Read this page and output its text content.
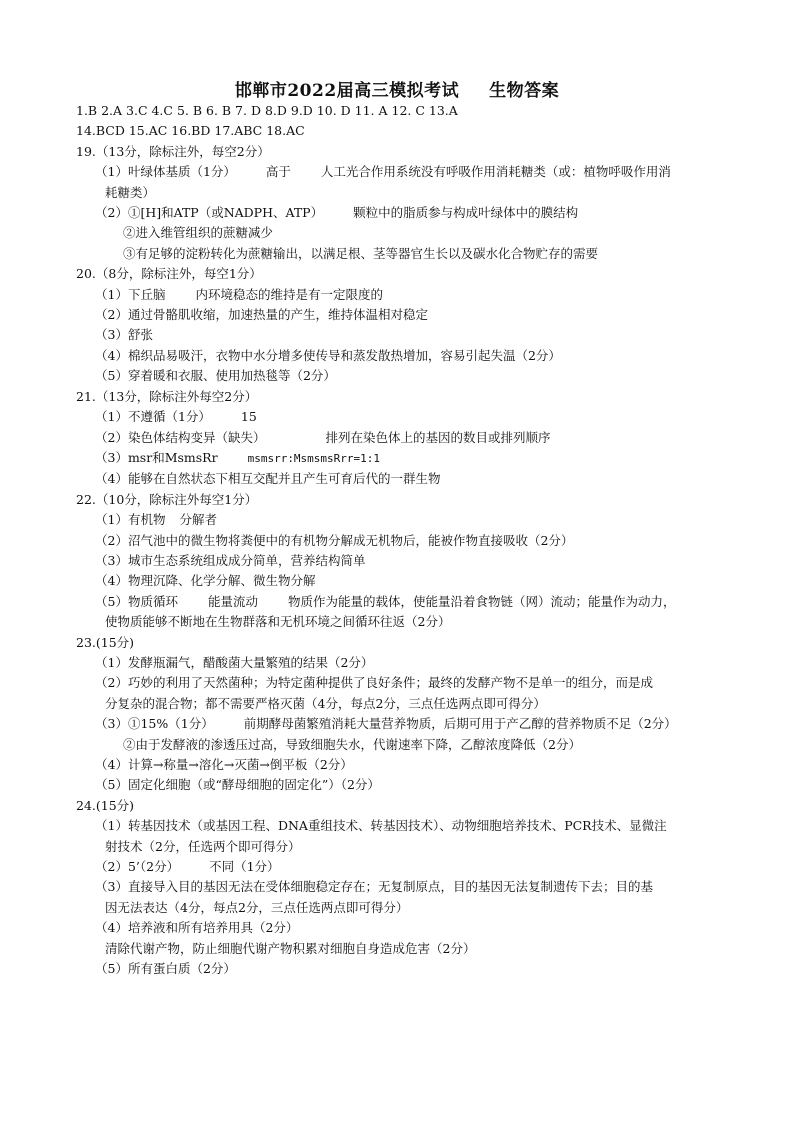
邯郸市2022届高三模拟考试 生物答案
1.B 2.A 3.C 4.C 5. B 6. B 7. D 8.D 9.D 10. D 11. A 12. C 13.A
14.BCD 15.AC 16.BD 17.ABC 18.AC
19.（13分，除标注外，每空2分）
（1）叶绿体基质（1分） 高于 人工光合作用系统没有呼吸作用消耗糖类（或：植物呼吸作用消
耗糖类）
（2）①[H]和ATP（或NADPH、ATP） 颗粒中的脂质参与构成叶绿体中的膜结构
②进入维管组织的蔗糖减少
③有足够的淀粉转化为蔗糖输出，以满足根、茎等器官生长以及碳水化合物贮存的需要
20.（8分，除标注外，每空1分）
（1）下丘脑 内环境稳态的维持是有一定限度的
（2）通过骨骼肌收缩，加速热量的产生，维持体温相对稳定
（3）舒张
（4）棉织品易吸汗，衣物中水分增多使传导和蒸发散热增加，容易引起失温（2分）
（5）穿着暖和衣服、使用加热毯等（2分）
21.（13分，除标注外每空2分）
（1）不遵循（1分） 15
（2）染色体结构变异（缺失）	排列在染色体上的基因的数目或排列顺序
（3）msr和MsmsRr	msmsrr:MsmsmsRrr=1:1
（4）能够在自然状态下相互交配并且产生可育后代的一群生物
22.（10分，除标注外每空1分）
（1）有机物 分解者
（2）沼气池中的微生物将粪便中的有机物分解成无机物后，能被作物直接吸收（2分）
（3）城市生态系统组成成分简单，营养结构简单
（4）物理沉降、化学分解、微生物分解
（5）物质循环 能量流动 物质作为能量的载体，使能量沿着食物链（网）流动；能量作为动力，
使物质能够不断地在生物群落和无机环境之间循环往返（2分）
23.(15分)
（1）发酵瓶漏气，醋酸菌大量繁殖的结果（2分）
（2）巧妙的利用了天然菌种；为特定菌种提供了良好条件；最终的发酵产物不是单一的组分，而是成
分复杂的混合物；都不需要严格灭菌（4分，每点2分，三点任选两点即可得分）
（3）①15%（1分） 前期酵母菌繁殖消耗大量营养物质，后期可用于产乙醇的营养物质不足（2分）
②由于发酵液的渗透压过高，导致细胞失水，代谢速率下降，乙醇浓度降低（2分）
（4）计算→称量→溶化→灭菌→倒平板（2分）
（5）固定化细胞（或“酵母细胞的固定化”）（2分）
24.(15分)
（1）转基因技术（或基因工程、DNA重组技术、转基因技术）、动物细胞培养技术、PCR技术、显微注
射技术（2分，任选两个即可得分）
（2）5’（2分） 不同（1分）
（3）直接导入目的基因无法在受体细胞稳定存在；无复制原点，目的基因无法复制遗传下去；目的基
因无法表达（4分，每点2分，三点任选两点即可得分）
（4）培养液和所有培养用具（2分）
清除代谢产物，防止细胞代谢产物积累对细胞自身造成危害（2分）
（5）所有蛋白质（2分）
